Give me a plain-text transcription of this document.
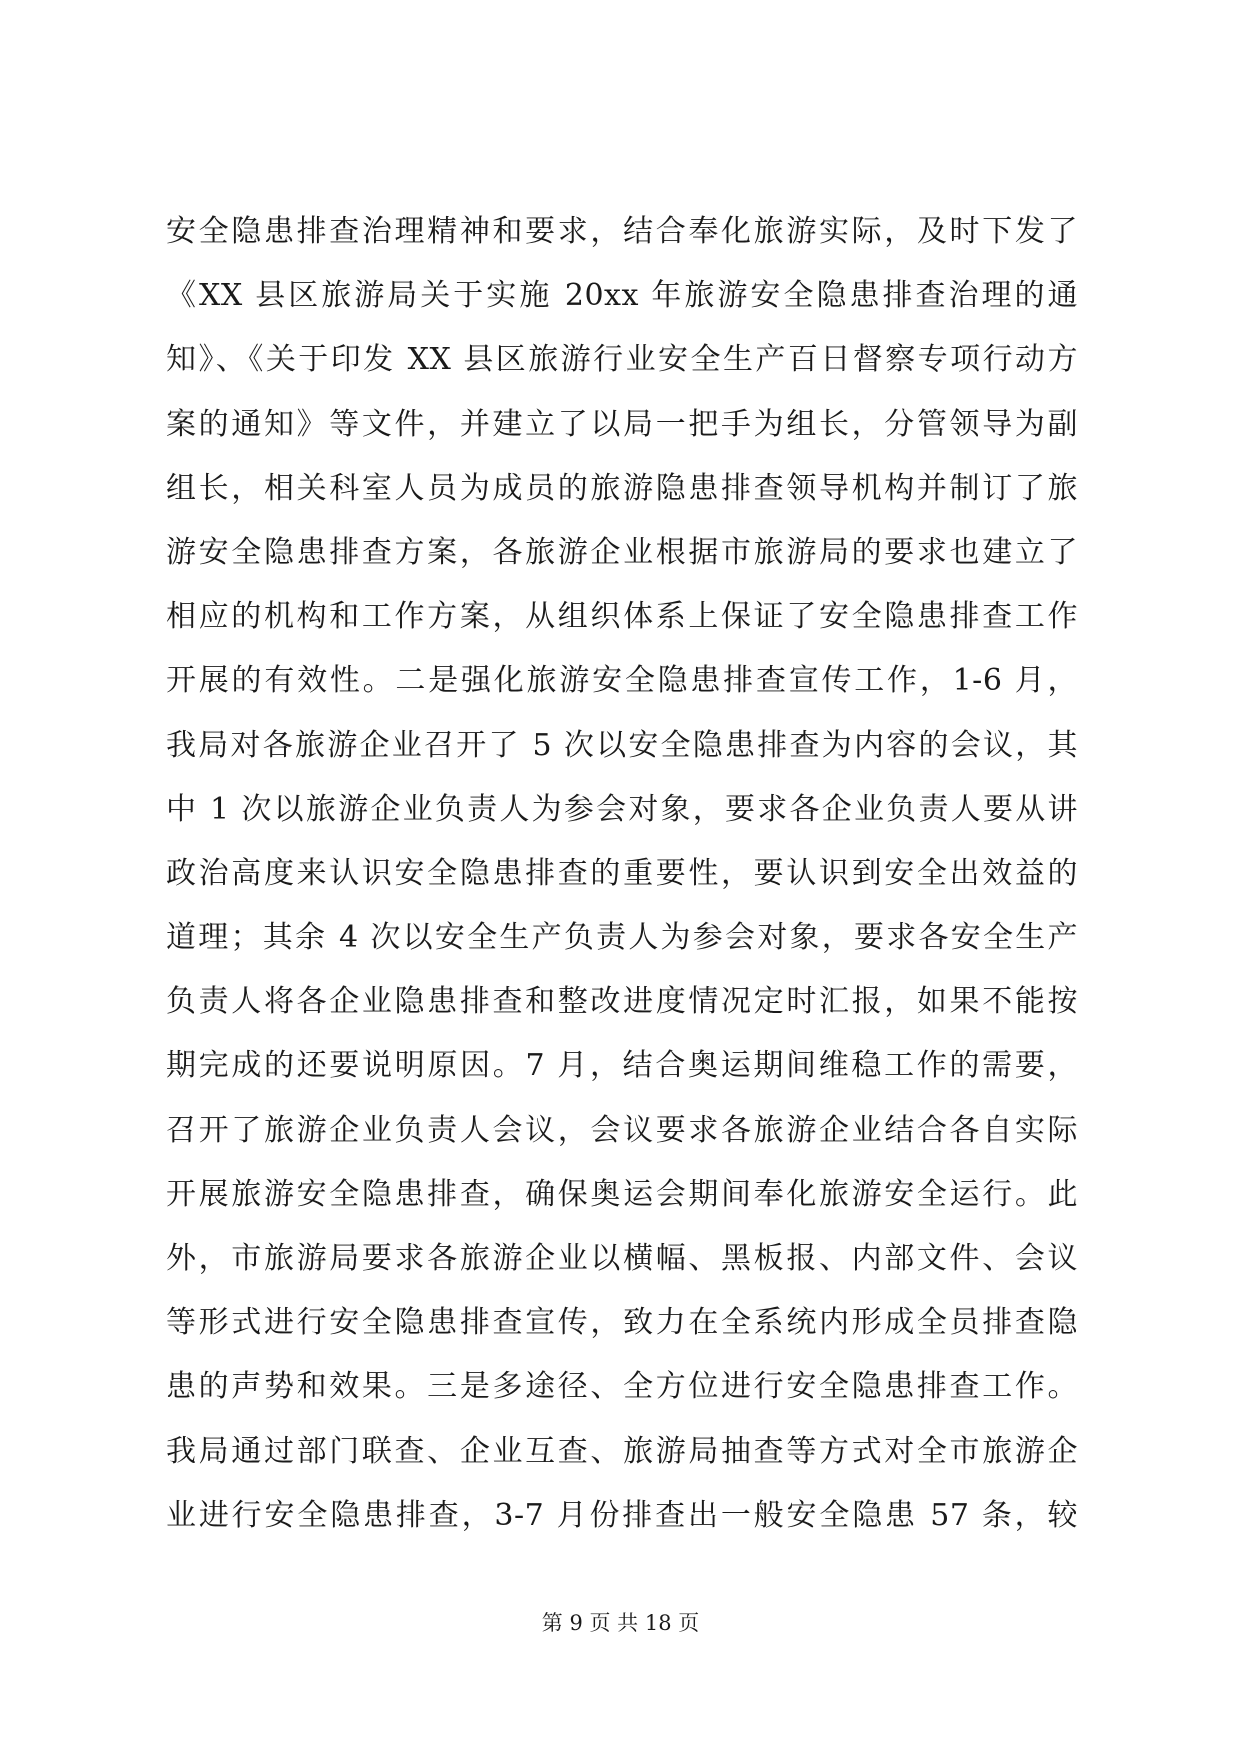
安全隐患排查治理精神和要求，结合奉化旅游实际，及时下发了
《XX 县区旅游局关于实施 20xx 年旅游安全隐患排查治理的通
知》、《关于印发 XX 县区旅游行业安全生产百日督察专项行动方
案的通知》等文件，并建立了以局一把手为组长，分管领导为副
组长，相关科室人员为成员的旅游隐患排查领导机构并制订了旅
游安全隐患排查方案，各旅游企业根据市旅游局的要求也建立了
相应的机构和工作方案，从组织体系上保证了安全隐患排查工作
开展的有效性。二是强化旅游安全隐患排查宣传工作，1-6 月，
我局对各旅游企业召开了 5 次以安全隐患排查为内容的会议，其
中 1 次以旅游企业负责人为参会对象，要求各企业负责人要从讲
政治高度来认识安全隐患排查的重要性，要认识到安全出效益的
道理；其余 4 次以安全生产负责人为参会对象，要求各安全生产
负责人将各企业隐患排查和整改进度情况定时汇报，如果不能按
期完成的还要说明原因。7 月，结合奥运期间维稳工作的需要，
召开了旅游企业负责人会议，会议要求各旅游企业结合各自实际
开展旅游安全隐患排查，确保奥运会期间奉化旅游安全运行。此
外，市旅游局要求各旅游企业以横幅、黑板报、内部文件、会议
等形式进行安全隐患排查宣传，致力在全系统内形成全员排查隐
患的声势和效果。三是多途径、全方位进行安全隐患排查工作。
我局通过部门联查、企业互查、旅游局抽查等方式对全市旅游企
业进行安全隐患排查，3-7 月份排查出一般安全隐患 57 条，较
第 9 页 共 18 页
